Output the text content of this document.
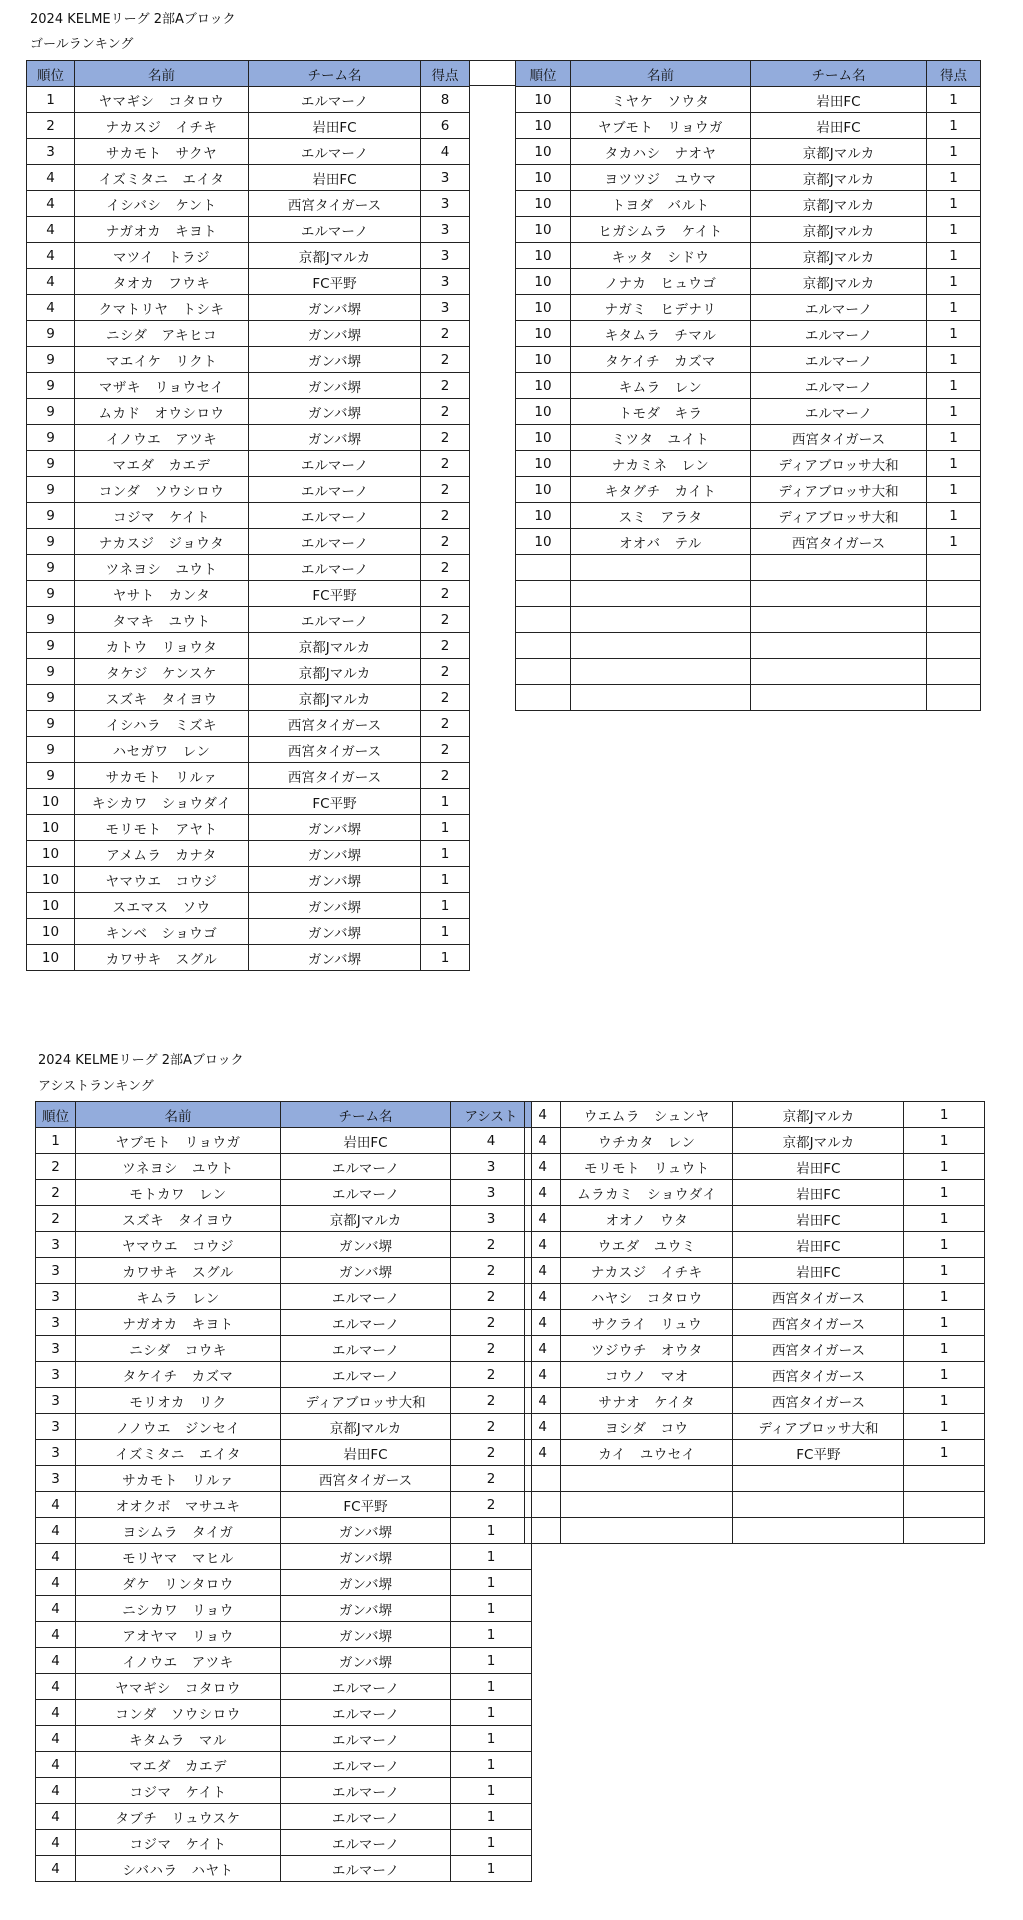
2024 KELMEリーグ 2部Aブロック
ゴールランキング
順位	名前	チーム名	得点
1	ヤマギシ　コタロウ	エルマーノ	8
2	ナカスジ　イチキ	岩田FC	6
3	サカモト　サクヤ	エルマーノ	4
4	イズミタニ　エイタ	岩田FC	3
4	イシバシ　ケント	西宮タイガース	3
4	ナガオカ　キヨト	エルマーノ	3
4	マツイ　トラジ	京都Jマルカ	3
4	タオカ　フウキ	FC平野	3
4	クマトリヤ　トシキ	ガンバ堺	3
9	ニシダ　アキヒコ	ガンバ堺	2
9	マエイケ　リクト	ガンバ堺	2
9	マザキ　リョウセイ	ガンバ堺	2
9	ムカド　オウシロウ	ガンバ堺	2
9	イノウエ　アツキ	ガンバ堺	2
9	マエダ　カエデ	エルマーノ	2
9	コンダ　ソウシロウ	エルマーノ	2
9	コジマ　ケイト	エルマーノ	2
9	ナカスジ　ジョウタ	エルマーノ	2
9	ツネヨシ　ユウト	エルマーノ	2
9	ヤサト　カンタ	FC平野	2
9	タマキ　ユウト	エルマーノ	2
9	カトウ　リョウタ	京都Jマルカ	2
9	タケジ　ケンスケ	京都Jマルカ	2
9	スズキ　タイヨウ	京都Jマルカ	2
9	イシハラ　ミズキ	西宮タイガース	2
9	ハセガワ　レン	西宮タイガース	2
9	サカモト　リルァ	西宮タイガース	2
10	キシカワ　ショウダイ	FC平野	1
10	モリモト　アヤト	ガンバ堺	1
10	アメムラ　カナタ	ガンバ堺	1
10	ヤマウエ　コウジ	ガンバ堺	1
10	スエマス　ソウ	ガンバ堺	1
10	キンベ　ショウゴ	ガンバ堺	1
10	カワサキ　スグル	ガンバ堺	1
順位	名前	チーム名	得点
10	ミヤケ　ソウタ	岩田FC	1
10	ヤブモト　リョウガ	岩田FC	1
10	タカハシ　ナオヤ	京都Jマルカ	1
10	ヨツツジ　ユウマ	京都Jマルカ	1
10	トヨダ　バルト	京都Jマルカ	1
10	ヒガシムラ　ケイト	京都Jマルカ	1
10	キッタ　シドウ	京都Jマルカ	1
10	ノナカ　ヒュウゴ	京都Jマルカ	1
10	ナガミ　ヒデナリ	エルマーノ	1
10	キタムラ　チマル	エルマーノ	1
10	タケイチ　カズマ	エルマーノ	1
10	キムラ　レン	エルマーノ	1
10	トモダ　キラ	エルマーノ	1
10	ミツタ　ユイト	西宮タイガース	1
10	ナカミネ　レン	ディアブロッサ大和	1
10	キタグチ　カイト	ディアブロッサ大和	1
10	スミ　アラタ	ディアブロッサ大和	1
10	オオバ　テル	西宮タイガース	1

2024 KELMEリーグ 2部Aブロック
アシストランキング
順位	名前	チーム名	アシスト
1	ヤブモト　リョウガ	岩田FC	4
2	ツネヨシ　ユウト	エルマーノ	3
2	モトカワ　レン	エルマーノ	3
2	スズキ　タイヨウ	京都Jマルカ	3
3	ヤマウエ　コウジ	ガンバ堺	2
3	カワサキ　スグル	ガンバ堺	2
3	キムラ　レン	エルマーノ	2
3	ナガオカ　キヨト	エルマーノ	2
3	ニシダ　コウキ	エルマーノ	2
3	タケイチ　カズマ	エルマーノ	2
3	モリオカ　リク	ディアブロッサ大和	2
3	ノノウエ　ジンセイ	京都Jマルカ	2
3	イズミタニ　エイタ	岩田FC	2
3	サカモト　リルァ	西宮タイガース	2
4	オオクボ　マサユキ	FC平野	2
4	ヨシムラ　タイガ	ガンバ堺	1
4	モリヤマ　マヒル	ガンバ堺	1
4	ダケ　リンタロウ	ガンバ堺	1
4	ニシカワ　リョウ	ガンバ堺	1
4	アオヤマ　リョウ	ガンバ堺	1
4	イノウエ　アツキ	ガンバ堺	1
4	ヤマギシ　コタロウ	エルマーノ	1
4	コンダ　ソウシロウ	エルマーノ	1
4	キタムラ　マル	エルマーノ	1
4	マエダ　カエデ	エルマーノ	1
4	コジマ　ケイト	エルマーノ	1
4	タブチ　リュウスケ	エルマーノ	1
4	コジマ　ケイト	エルマーノ	1
4	シバハラ　ハヤト	エルマーノ	1
4	ウエムラ　シュンヤ	京都Jマルカ	1
4	ウチカタ　レン	京都Jマルカ	1
4	モリモト　リュウト	岩田FC	1
4	ムラカミ　ショウダイ	岩田FC	1
4	オオノ　ウタ	岩田FC	1
4	ウエダ　ユウミ	岩田FC	1
4	ナカスジ　イチキ	岩田FC	1
4	ハヤシ　コタロウ	西宮タイガース	1
4	サクライ　リュウ	西宮タイガース	1
4	ツジウチ　オウタ	西宮タイガース	1
4	コウノ　マオ	西宮タイガース	1
4	サナオ　ケイタ	西宮タイガース	1
4	ヨシダ　コウ	ディアブロッサ大和	1
4	カイ　ユウセイ	FC平野	1
